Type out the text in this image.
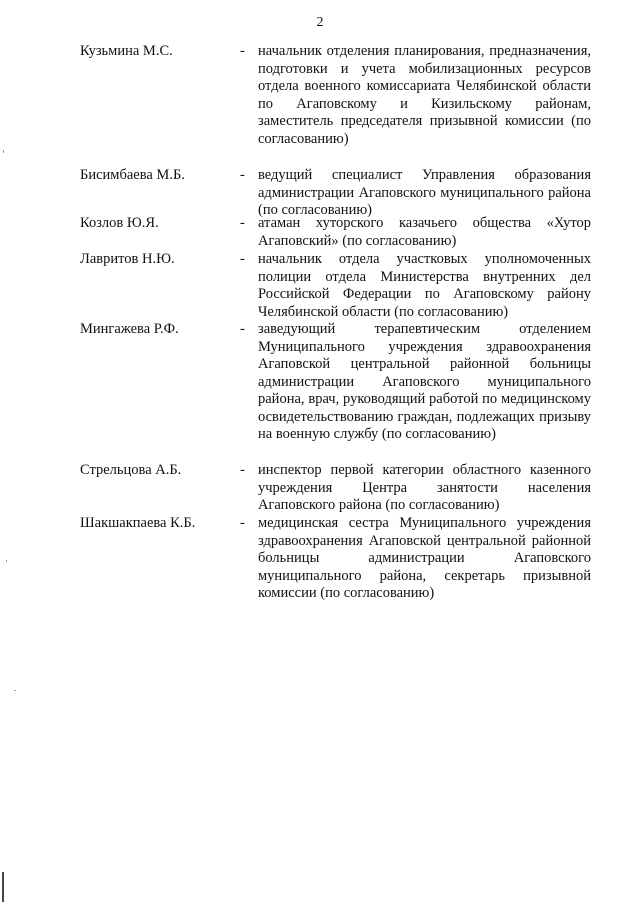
2
Кузьмина М.С.	- начальник отделения планирования, предназначения, подготовки и учета мобилизационных ресурсов отдела военного комиссариата Челябинской области по Агаповскому и Кизильскому районам, заместитель председателя призывной комиссии (по согласованию)
Бисимбаева М.Б.	- ведущий специалист Управления образования администрации Агаповского муниципального района (по согласованию)
Козлов Ю.Я.	- атаман хуторского казачьего общества «Хутор Агаповский» (по согласованию)
Лавритов Н.Ю.	- начальник отдела участковых уполномоченных полиции отдела Министерства внутренних дел Российской Федерации по Агаповскому району Челябинской области (по согласованию)
Мингажева Р.Ф.	- заведующий терапевтическим отделением Муниципального учреждения здравоохранения Агаповской центральной районной больницы администрации Агаповского муниципального района, врач, руководящий работой по медицинскому освидетельствованию граждан, подлежащих призыву на военную службу (по согласованию)
Стрельцова А.Б.	- инспектор первой категории областного казенного учреждения Центра занятости населения Агаповского района (по согласованию)
Шакшакпаева К.Б.	- медицинская сестра Муниципального учреждения здравоохранения Агаповской центральной районной больницы администрации Агаповского муниципального района, секретарь призывной комиссии (по согласованию)
